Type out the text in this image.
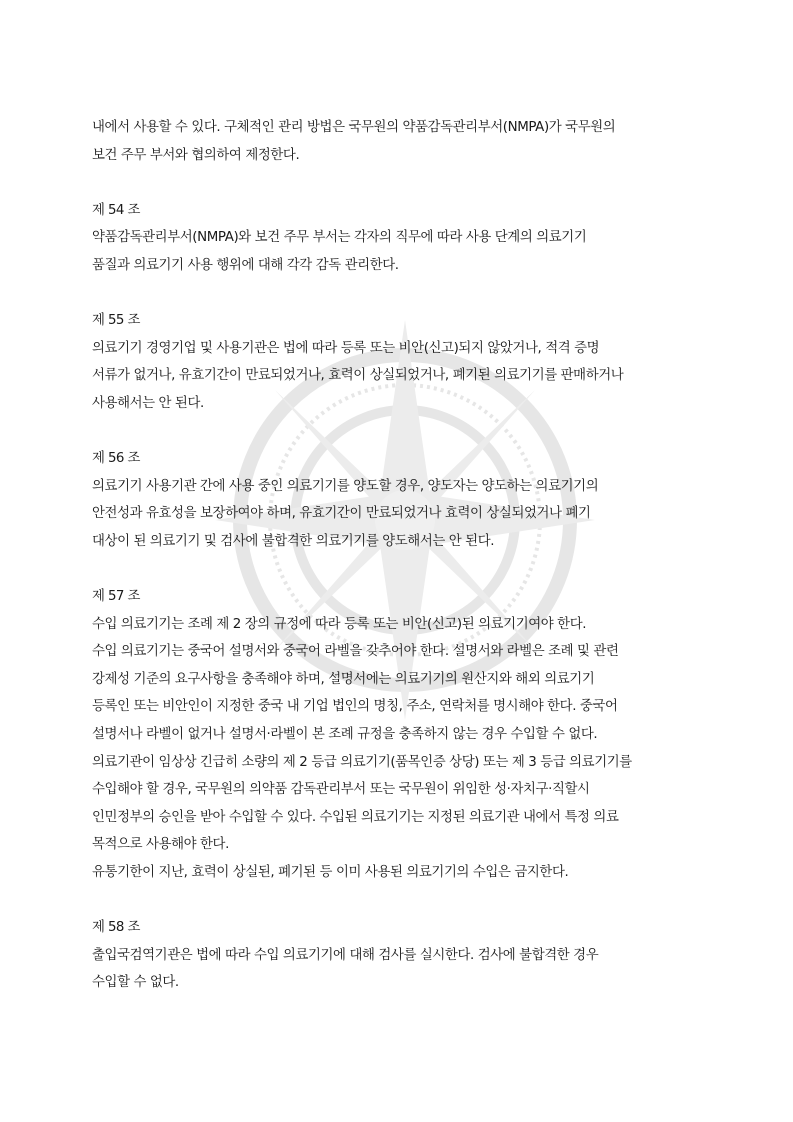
내에서 사용할 수 있다. 구체적인 관리 방법은 국무원의 약품감독관리부서(NMPA)가 국무원의
보건 주무 부서와 협의하여 제정한다.
제 54 조
약품감독관리부서(NMPA)와 보건 주무 부서는 각자의 직무에 따라 사용 단계의 의료기기
품질과 의료기기 사용 행위에 대해 각각 감독 관리한다.
제 55 조
의료기기 경영기업 및 사용기관은 법에 따라 등록 또는 비안(신고)되지 않았거나, 적격 증명
서류가 없거나, 유효기간이 만료되었거나, 효력이 상실되었거나, 폐기된 의료기기를 판매하거나
사용해서는 안 된다.
제 56 조
의료기기 사용기관 간에 사용 중인 의료기기를 양도할 경우, 양도자는 양도하는 의료기기의
안전성과 유효성을 보장하여야 하며, 유효기간이 만료되었거나 효력이 상실되었거나 폐기
대상이 된 의료기기 및 검사에 불합격한 의료기기를 양도해서는 안 된다.
제 57 조
수입 의료기기는 조례 제 2 장의 규정에 따라 등록 또는 비안(신고)된 의료기기여야 한다.
수입 의료기기는 중국어 설명서와 중국어 라벨을 갖추어야 한다. 설명서와 라벨은 조례 및 관련
강제성 기준의 요구사항을 충족해야 하며, 설명서에는 의료기기의 원산지와 해외 의료기기
등록인 또는 비안인이 지정한 중국 내 기업 법인의 명칭, 주소, 연락처를 명시해야 한다. 중국어
설명서나 라벨이 없거나 설명서·라벨이 본 조례 규정을 충족하지 않는 경우 수입할 수 없다.
의료기관이 임상상 긴급히 소량의 제 2 등급 의료기기(품목인증 상당) 또는 제 3 등급 의료기기를
수입해야 할 경우, 국무원의 의약품 감독관리부서 또는 국무원이 위임한 성·자치구·직할시
인민정부의 승인을 받아 수입할 수 있다. 수입된 의료기기는 지정된 의료기관 내에서 특정 의료
목적으로 사용해야 한다.
유통기한이 지난, 효력이 상실된, 폐기된 등 이미 사용된 의료기기의 수입은 금지한다.
제 58 조
출입국검역기관은 법에 따라 수입 의료기기에 대해 검사를 실시한다. 검사에 불합격한 경우
수입할 수 없다.
